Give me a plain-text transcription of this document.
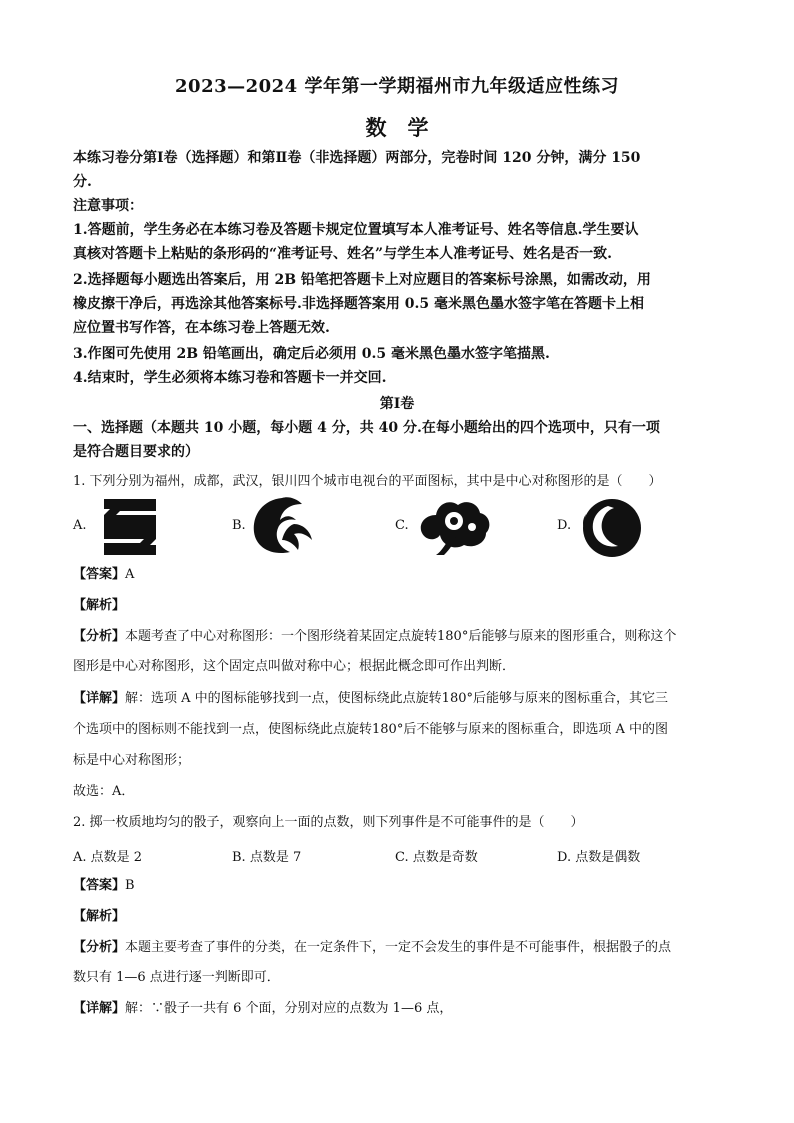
2023—2024 学年第一学期福州市九年级适应性练习
数　学
本练习卷分第Ⅰ卷（选择题）和第Ⅱ卷（非选择题）两部分，完卷时间 120 分钟，满分 150
分.
注意事项：
1.答题前，学生务必在本练习卷及答题卡规定位置填写本人准考证号、姓名等信息.学生要认
真核对答题卡上粘贴的条形码的“准考证号、姓名”与学生本人准考证号、姓名是否一致.
2.选择题每小题选出答案后，用 2B 铅笔把答题卡上对应题目的答案标号涂黑，如需改动，用
橡皮擦干净后，再选涂其他答案标号.非选择题答案用 0.5 毫米黑色墨水签字笔在答题卡上相
应位置书写作答，在本练习卷上答题无效.
3.作图可先使用 2B 铅笔画出，确定后必须用 0.5 毫米黑色墨水签字笔描黑.
4.结束时，学生必须将本练习卷和答题卡一并交回.
第Ⅰ卷
一、选择题（本题共 10 小题，每小题 4 分，共 40 分.在每小题给出的四个选项中，只有一项
是符合题目要求的）
1. 下列分别为福州，成都，武汉，银川四个城市电视台的平面图标，其中是中心对称图形的是（　　）
A.	B.	C.	D.
【答案】A
【解析】
【分析】本题考查了中心对称图形：一个图形绕着某固定点旋转180°后能够与原来的图形重合，则称这个
图形是中心对称图形，这个固定点叫做对称中心；根据此概念即可作出判断．
【详解】解：选项 A 中的图标能够找到一点，使图标绕此点旋转180°后能够与原来的图标重合，其它三
个选项中的图标则不能找到一点，使图标绕此点旋转180°后不能够与原来的图标重合，即选项 A 中的图
标是中心对称图形；
故选：A．
2. 掷一枚质地均匀的骰子，观察向上一面的点数，则下列事件是不可能事件的是（　　）
A. 点数是 2	B. 点数是 7	C. 点数是奇数	D. 点数是偶数
【答案】B
【解析】
【分析】本题主要考查了事件的分类，在一定条件下，一定不会发生的事件是不可能事件，根据骰子的点
数只有 1—6 点进行逐一判断即可．
【详解】解：∵骰子一共有 6 个面，分别对应的点数为 1—6 点，
